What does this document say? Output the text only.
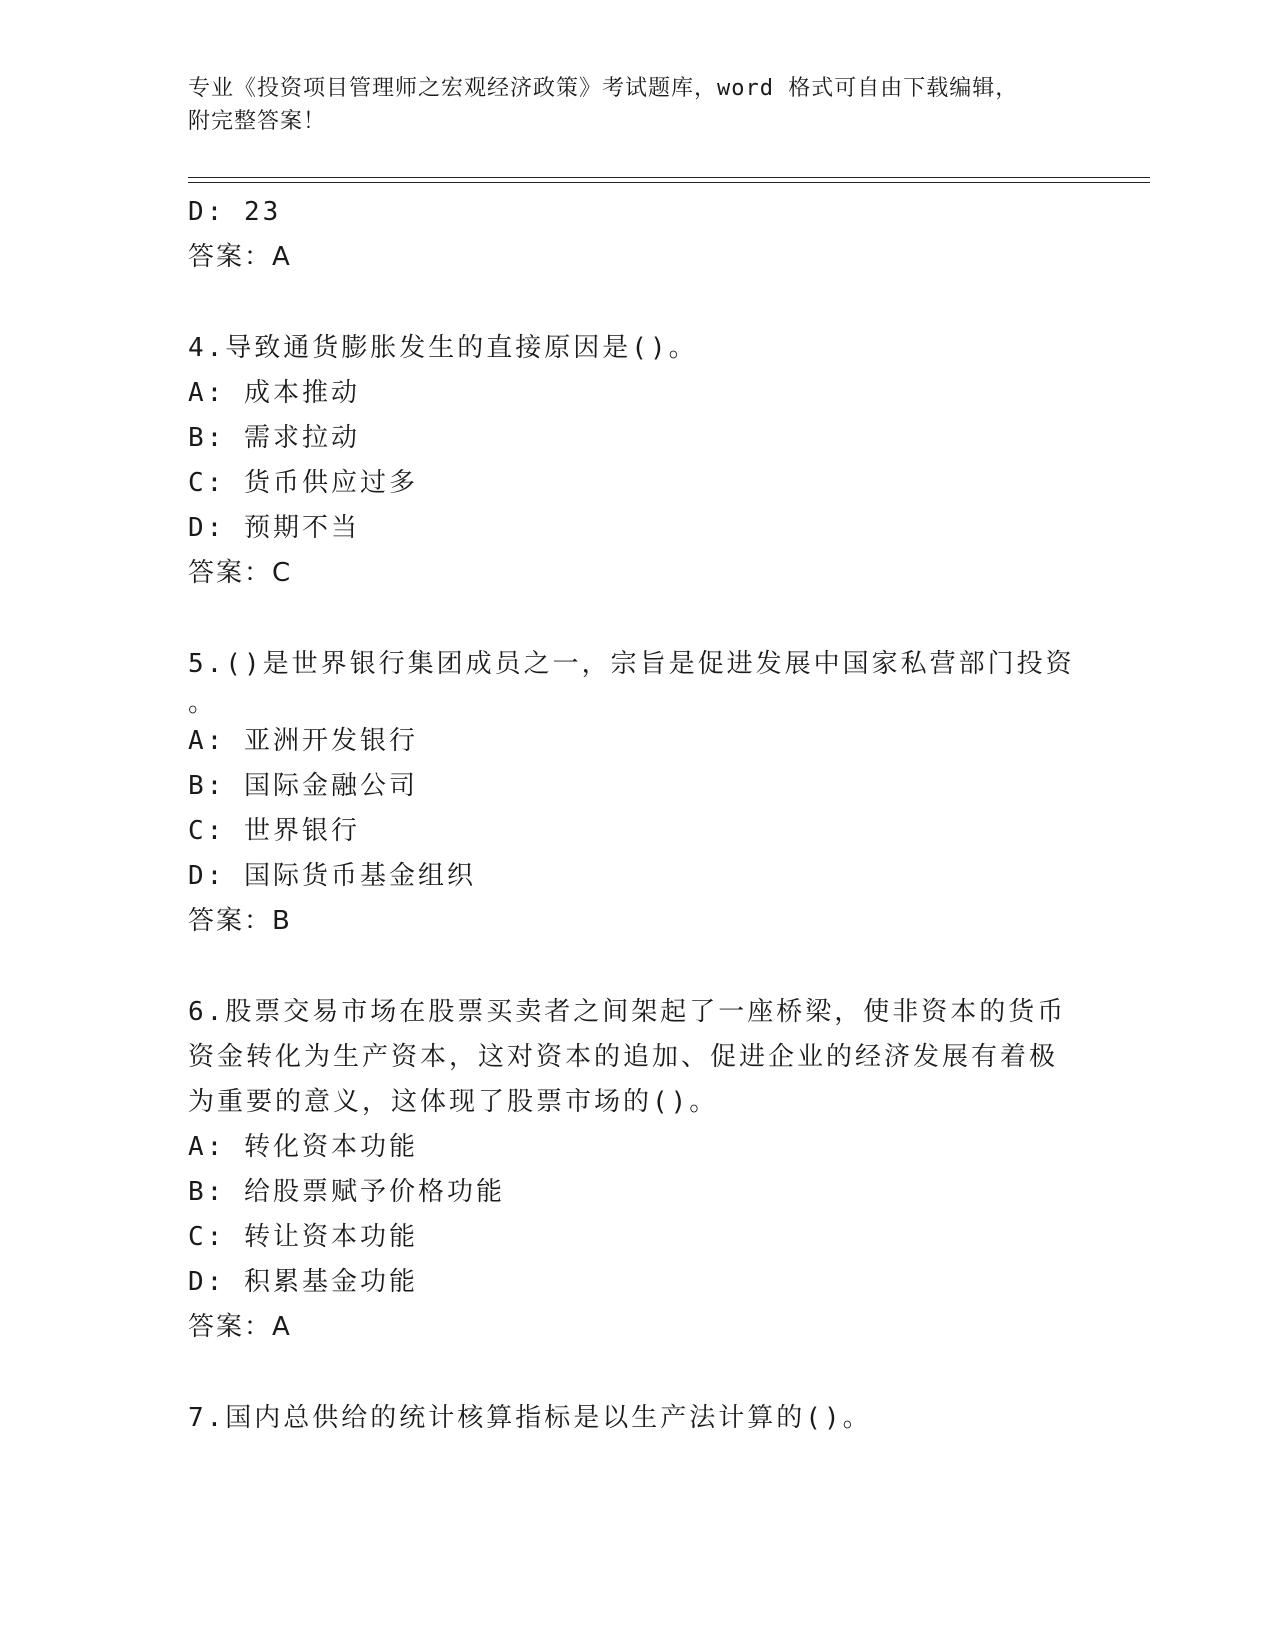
专业《投资项目管理师之宏观经济政策》考试题库，word 格式可自由下载编辑，
附完整答案！
D: 23
答案：A
4.导致通货膨胀发生的直接原因是()。
A: 成本推动
B: 需求拉动
C: 货币供应过多
D: 预期不当
答案：C
5.()是世界银行集团成员之一，宗旨是促进发展中国家私营部门投资
。
A: 亚洲开发银行
B: 国际金融公司
C: 世界银行
D: 国际货币基金组织
答案：B
6.股票交易市场在股票买卖者之间架起了一座桥梁，使非资本的货币
资金转化为生产资本，这对资本的追加、促进企业的经济发展有着极
为重要的意义，这体现了股票市场的()。
A: 转化资本功能
B: 给股票赋予价格功能
C: 转让资本功能
D: 积累基金功能
答案：A
7.国内总供给的统计核算指标是以生产法计算的()。
